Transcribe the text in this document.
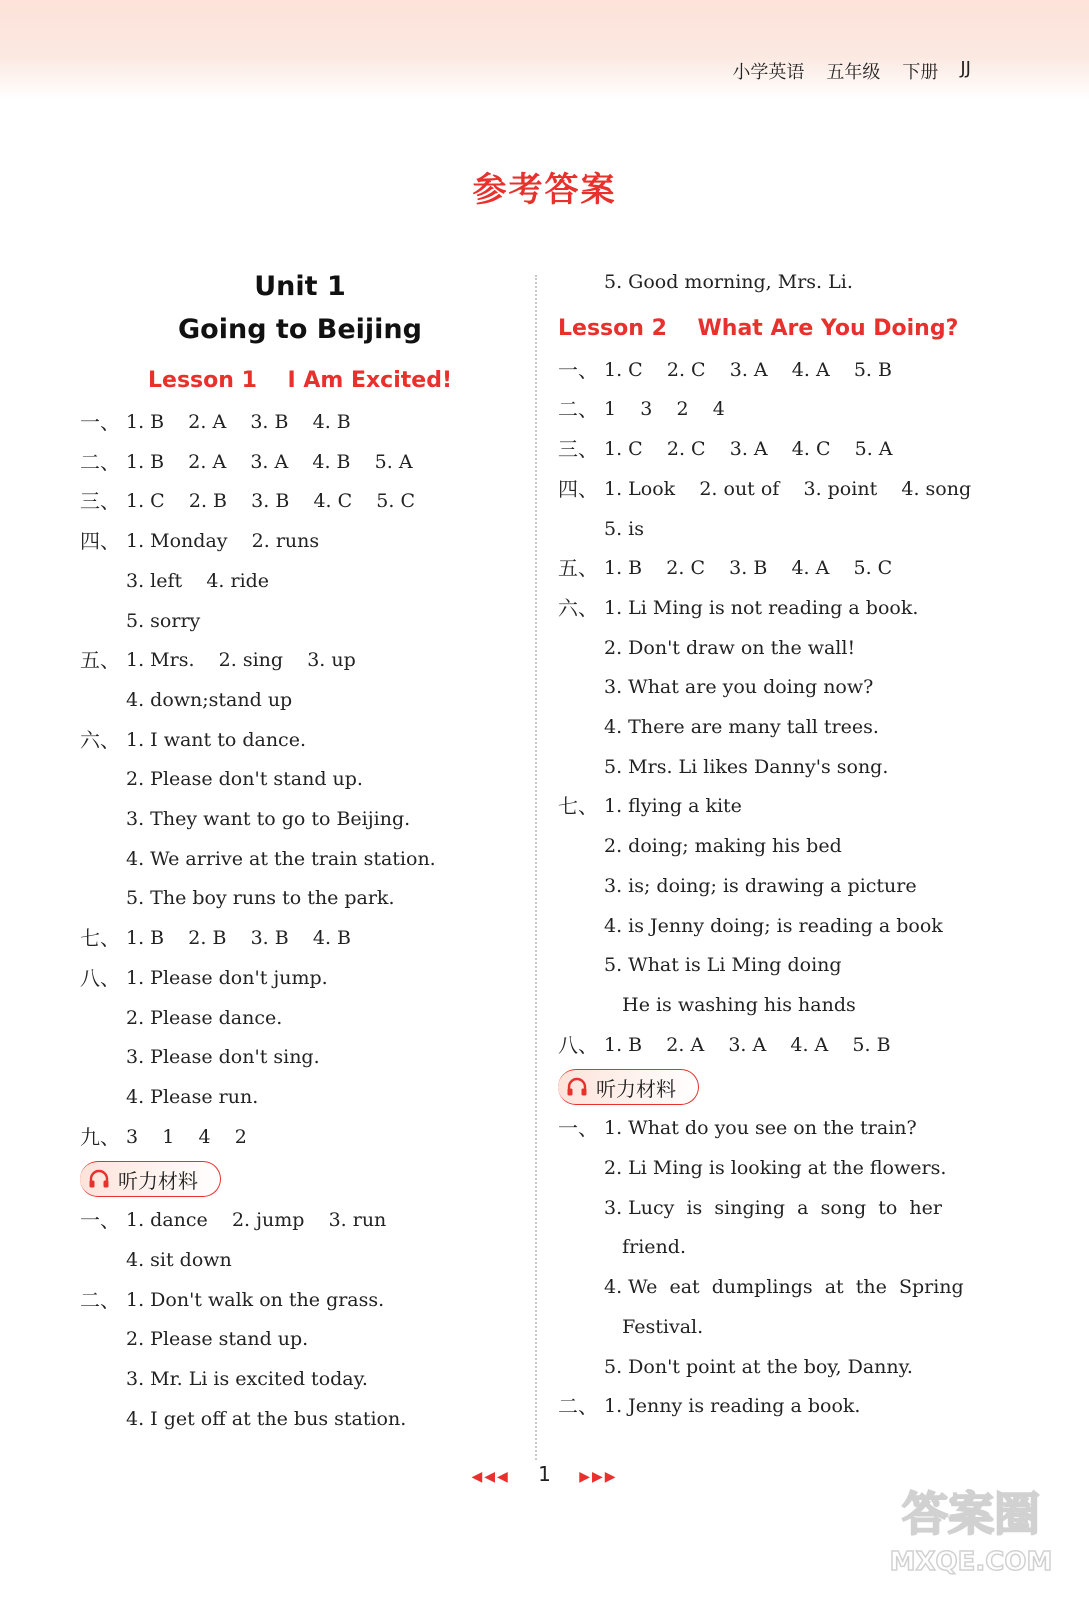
小学英语 五年级 下册 JJ
参考答案
Unit 1
Going to Beijing
Lesson 1    I Am Excited!
一、 1. B    2. A    3. B    4. B
二、 1. B    2. A    3. A    4. B    5. A
三、 1. C    2. B    3. B    4. C    5. C
四、 1. Monday    2. runs
3. left    4. ride
5. sorry
五、 1. Mrs.    2. sing    3. up
4. down;stand up
六、 1. I want to dance.
2. Please don't stand up.
3. They want to go to Beijing.
4. We arrive at the train station.
5. The boy runs to the park.
七、 1. B    2. B    3. B    4. B
八、 1. Please don't jump.
2. Please dance.
3. Please don't sing.
4. Please run.
九、 3    1    4    2
听力材料
一、 1. dance    2. jump    3. run
4. sit down
二、 1. Don't walk on the grass.
2. Please stand up.
3. Mr. Li is excited today.
4. I get off at the bus station.
5. Good morning, Mrs. Li.
Lesson 2    What Are You Doing?
一、 1. C    2. C    3. A    4. A    5. B
二、 1    3    2    4
三、 1. C    2. C    3. A    4. C    5. A
四、 1. Look    2. out of    3. point    4. song
5. is
五、 1. B    2. C    3. B    4. A    5. C
六、 1. Li Ming is not reading a book.
2. Don't draw on the wall!
3. What are you doing now?
4. There are many tall trees.
5. Mrs. Li likes Danny's song.
七、 1. flying a kite
2. doing; making his bed
3. is; doing; is drawing a picture
4. is Jenny doing; is reading a book
5. What is Li Ming doing
He is washing his hands
八、 1. B    2. A    3. A    4. A    5. B
听力材料
一、 1. What do you see on the train?
2. Li Ming is looking at the flowers.
3. Lucy  is  singing  a  song  to  her
friend.
4. We  eat  dumplings  at  the  Spring
Festival.
5. Don't point at the boy, Danny.
二、 1. Jenny is reading a book.
◀◀◀ 1 ▶▶▶
答案圈
MXQE.COM
